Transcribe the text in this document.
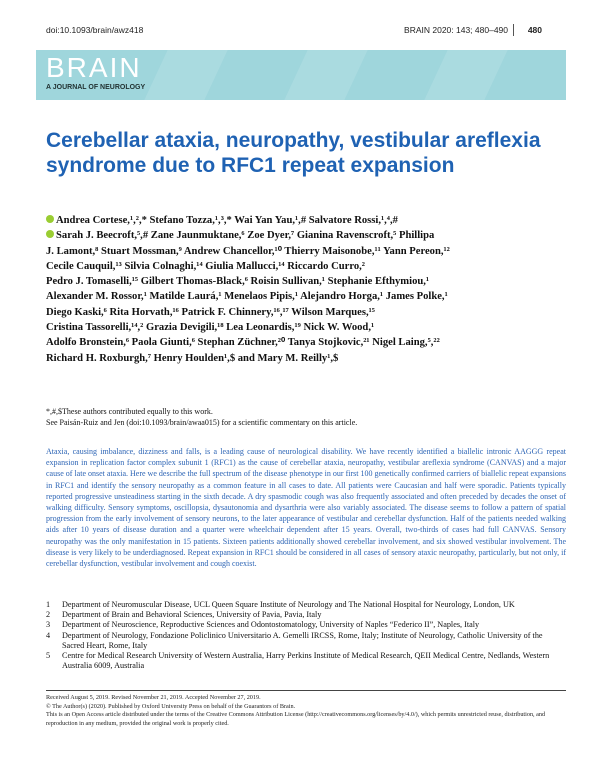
doi:10.1093/brain/awz418	BRAIN 2020: 143; 480–490 480
BRAIN
A JOURNAL OF NEUROLOGY
Cerebellar ataxia, neuropathy, vestibular areflexia syndrome due to RFC1 repeat expansion
Andrea Cortese,¹,²,* Stefano Tozza,¹,³,* Wai Yan Yau,¹,# Salvatore Rossi,¹,⁴,#
Sarah J. Beecroft,⁵,# Zane Jaunmuktane,⁶ Zoe Dyer,⁷ Gianina Ravenscroft,⁵ Phillipa
J. Lamont,⁸ Stuart Mossman,⁹ Andrew Chancellor,¹⁰ Thierry Maisonobe,¹¹ Yann Pereon,¹²
Cecile Cauquil,¹³ Silvia Colnaghi,¹⁴ Giulia Mallucci,¹⁴ Riccardo Curro,²
Pedro J. Tomaselli,¹⁵ Gilbert Thomas-Black,⁶ Roisin Sullivan,¹ Stephanie Efthymiou,¹
Alexander M. Rossor,¹ Matilde Laurá,¹ Menelaos Pipis,¹ Alejandro Horga,¹ James Polke,¹
Diego Kaski,⁶ Rita Horvath,¹⁶ Patrick F. Chinnery,¹⁶,¹⁷ Wilson Marques,¹⁵
Cristina Tassorelli,¹⁴,² Grazia Devigili,¹⁸ Lea Leonardis,¹⁹ Nick W. Wood,¹
Adolfo Bronstein,⁶ Paola Giunti,⁶ Stephan Züchner,²⁰ Tanya Stojkovic,²¹ Nigel Laing,⁵,²²
Richard H. Roxburgh,⁷ Henry Houlden¹,$ and Mary M. Reilly¹,$
*,#,$These authors contributed equally to this work.
See Paisán-Ruiz and Jen (doi:10.1093/brain/awaa015) for a scientific commentary on this article.

Ataxia, causing imbalance, dizziness and falls, is a leading cause of neurological disability. We have recently identified a biallelic intronic AAGGG repeat expansion in replication factor complex subunit 1 (RFC1) as the cause of cerebellar ataxia, neuropathy, vestibular areflexia syndrome (CANVAS) and a major cause of late onset ataxia. Here we describe the full spectrum of the disease phenotype in our first 100 genetically confirmed carriers of biallelic repeat expansions in RFC1 and identify the sensory neuropathy as a common feature in all cases to date. All patients were Caucasian and half were sporadic. Patients typically reported progressive unsteadiness starting in the sixth decade. A dry spasmodic cough was also frequently associated and often preceded by decades the onset of walking difficulty. Sensory symptoms, oscillopsia, dysautonomia and dysarthria were also variably associated. The disease seems to follow a pattern of spatial progression from the early involvement of sensory neurons, to the later appearance of vestibular and cerebellar dysfunction. Half of the patients needed walking aids after 10 years of disease duration and a quarter were wheelchair dependent after 15 years. Overall, two-thirds of cases had full CANVAS. Sensory neuropathy was the only manifestation in 15 patients. Sixteen patients additionally showed cerebellar involvement, and six showed vestibular involvement. The disease is very likely to be underdiagnosed. Repeat expansion in RFC1 should be considered in all cases of sensory ataxic neuropathy, particularly, but not only, if cerebellar dysfunction, vestibular involvement and cough coexist.

1 Department of Neuromuscular Disease, UCL Queen Square Institute of Neurology and The National Hospital for Neurology, London, UK
2 Department of Brain and Behavioral Sciences, University of Pavia, Pavia, Italy
3 Department of Neuroscience, Reproductive Sciences and Odontostomatology, University of Naples “Federico II”, Naples, Italy
4 Department of Neurology, Fondazione Policlinico Universitario A. Gemelli IRCSS, Rome, Italy; Institute of Neurology, Catholic University of the Sacred Heart, Rome, Italy
5 Centre for Medical Research University of Western Australia, Harry Perkins Institute of Medical Research, QEII Medical Centre, Nedlands, Western Australia 6009, Australia
Received August 5, 2019. Revised November 21, 2019. Accepted November 27, 2019.
© The Author(s) (2020). Published by Oxford University Press on behalf of the Guarantors of Brain.
This is an Open Access article distributed under the terms of the Creative Commons Attribution License (http://creativecommons.org/licenses/by/4.0/), which permits unrestricted reuse, distribution, and reproduction in any medium, provided the original work is properly cited.
